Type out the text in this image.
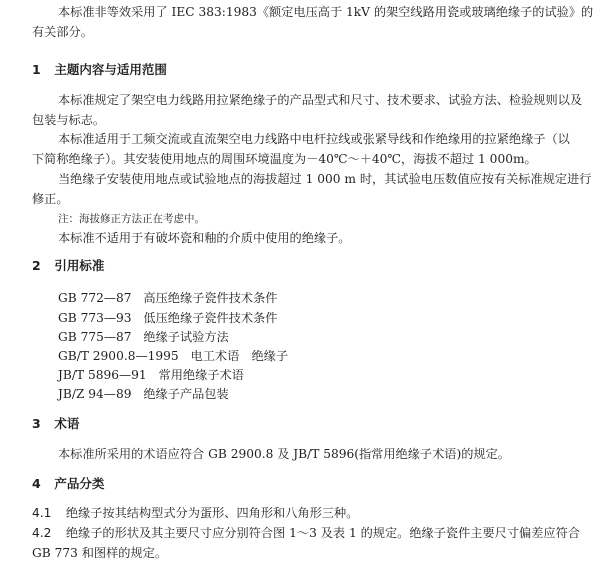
本标准非等效采用了 IEC 383:1983《额定电压高于 1kV 的架空线路用瓷或玻璃绝缘子的试验》的
有关部分。
1 主题内容与适用范围
本标准规定了架空电力线路用拉紧绝缘子的产品型式和尺寸、技术要求、试验方法、检验规则以及
包装与标志。
本标准适用于工频交流或直流架空电力线路中电杆拉线或张紧导线和作绝缘用的拉紧绝缘子（以
下简称绝缘子）。其安装使用地点的周围环境温度为－40℃～＋40℃，海拔不超过 1 000m。
当绝缘子安装使用地点或试验地点的海拔超过 1 000 m 时，其试验电压数值应按有关标准规定进行
修正。
注：海拔修正方法正在考虑中。
本标准不适用于有破坏瓷和釉的介质中使用的绝缘子。
2 引用标准
GB 772—87 高压绝缘子瓷件技术条件
GB 773—93 低压绝缘子瓷件技术条件
GB 775—87 绝缘子试验方法
GB/T 2900.8—1995 电工术语　绝缘子
JB/T 5896—91 常用绝缘子术语
JB/Z 94—89 绝缘子产品包装
3 术语
本标准所采用的术语应符合 GB 2900.8 及 JB/T 5896(指常用绝缘子术语)的规定。
4 产品分类
4.1 绝缘子按其结构型式分为蛋形、四角形和八角形三种。
4.2 绝缘子的形状及其主要尺寸应分别符合图 1～3 及表 1 的规定。绝缘子瓷件主要尺寸偏差应符合
GB 773 和图样的规定。
